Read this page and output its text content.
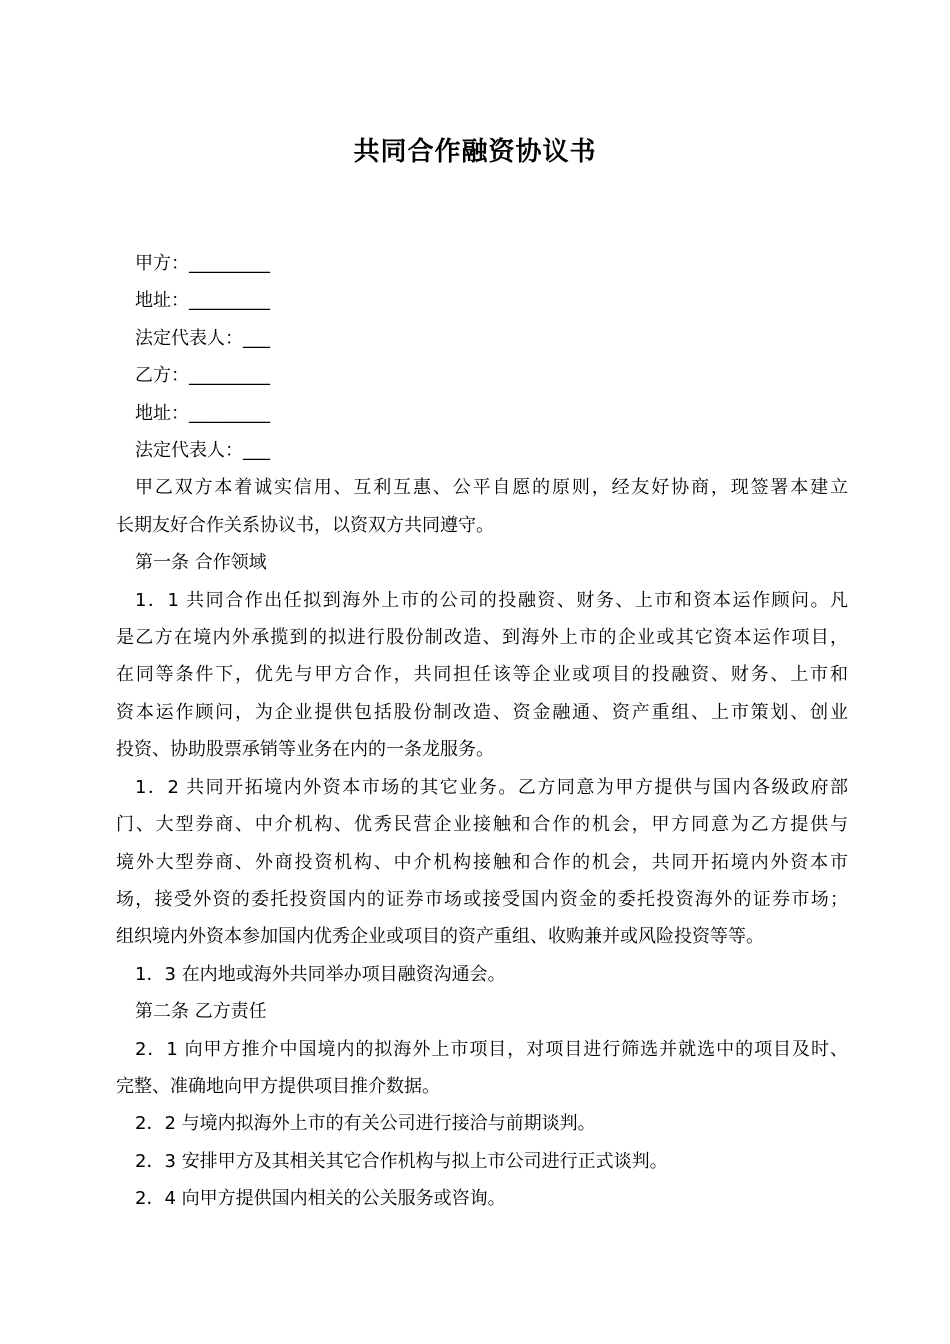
共同合作融资协议书

甲方：_________

地址：_________

法定代表人：___

乙方：_________

地址：_________

法定代表人：___

甲乙双方本着诚实信用、互利互惠、公平自愿的原则，经友好协商，现签署本建立

长期友好合作关系协议书，以资双方共同遵守。

第一条 合作领域

1．1 共同合作出任拟到海外上市的公司的投融资、财务、上市和资本运作顾问。凡

是乙方在境内外承揽到的拟进行股份制改造、到海外上市的企业或其它资本运作项目，

在同等条件下，优先与甲方合作，共同担任该等企业或项目的投融资、财务、上市和

资本运作顾问，为企业提供包括股份制改造、资金融通、资产重组、上市策划、创业

投资、协助股票承销等业务在内的一条龙服务。

1．2 共同开拓境内外资本市场的其它业务。乙方同意为甲方提供与国内各级政府部

门、大型券商、中介机构、优秀民营企业接触和合作的机会，甲方同意为乙方提供与

境外大型券商、外商投资机构、中介机构接触和合作的机会，共同开拓境内外资本市

场，接受外资的委托投资国内的证券市场或接受国内资金的委托投资海外的证券市场；

组织境内外资本参加国内优秀企业或项目的资产重组、收购兼并或风险投资等等。

1．3 在内地或海外共同举办项目融资沟通会。

第二条 乙方责任

2．1 向甲方推介中国境内的拟海外上市项目，对项目进行筛选并就选中的项目及时、

完整、准确地向甲方提供项目推介数据。

2．2 与境内拟海外上市的有关公司进行接洽与前期谈判。

2．3 安排甲方及其相关其它合作机构与拟上市公司进行正式谈判。

2．4 向甲方提供国内相关的公关服务或咨询。
